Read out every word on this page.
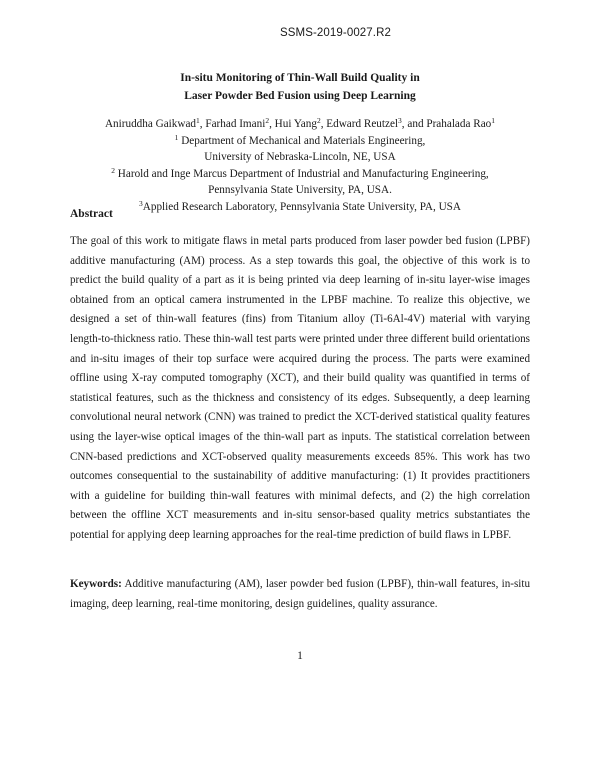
SSMS-2019-0027.R2
In-situ Monitoring of Thin-Wall Build Quality in
Laser Powder Bed Fusion using Deep Learning
Aniruddha Gaikwad$^1$, Farhad Imani$^2$, Hui Yang$^2$, Edward Reutzel$^3$, and Prahalada Rao$^1$
$^1$ Department of Mechanical and Materials Engineering,
University of Nebraska-Lincoln, NE, USA
$^2$ Harold and Inge Marcus Department of Industrial and Manufacturing Engineering,
Pennsylvania State University, PA, USA.
$^3$Applied Research Laboratory, Pennsylvania State University, PA, USA
Abstract
The goal of this work to mitigate flaws in metal parts produced from laser powder bed fusion (LPBF) additive manufacturing (AM) process. As a step towards this goal, the objective of this work is to predict the build quality of a part as it is being printed via deep learning of in-situ layer-wise images obtained from an optical camera instrumented in the LPBF machine. To realize this objective, we designed a set of thin-wall features (fins) from Titanium alloy (Ti-6Al-4V) material with varying length-to-thickness ratio. These thin-wall test parts were printed under three different build orientations and in-situ images of their top surface were acquired during the process. The parts were examined offline using X-ray computed tomography (XCT), and their build quality was quantified in terms of statistical features, such as the thickness and consistency of its edges. Subsequently, a deep learning convolutional neural network (CNN) was trained to predict the XCT-derived statistical quality features using the layer-wise optical images of the thin-wall part as inputs. The statistical correlation between CNN-based predictions and XCT-observed quality measurements exceeds 85%. This work has two outcomes consequential to the sustainability of additive manufacturing: (1) It provides practitioners with a guideline for building thin-wall features with minimal defects, and (2) the high correlation between the offline XCT measurements and in-situ sensor-based quality metrics substantiates the potential for applying deep learning approaches for the real-time prediction of build flaws in LPBF.
Keywords: Additive manufacturing (AM), laser powder bed fusion (LPBF), thin-wall features, in-situ imaging, deep learning, real-time monitoring, design guidelines, quality assurance.
1
